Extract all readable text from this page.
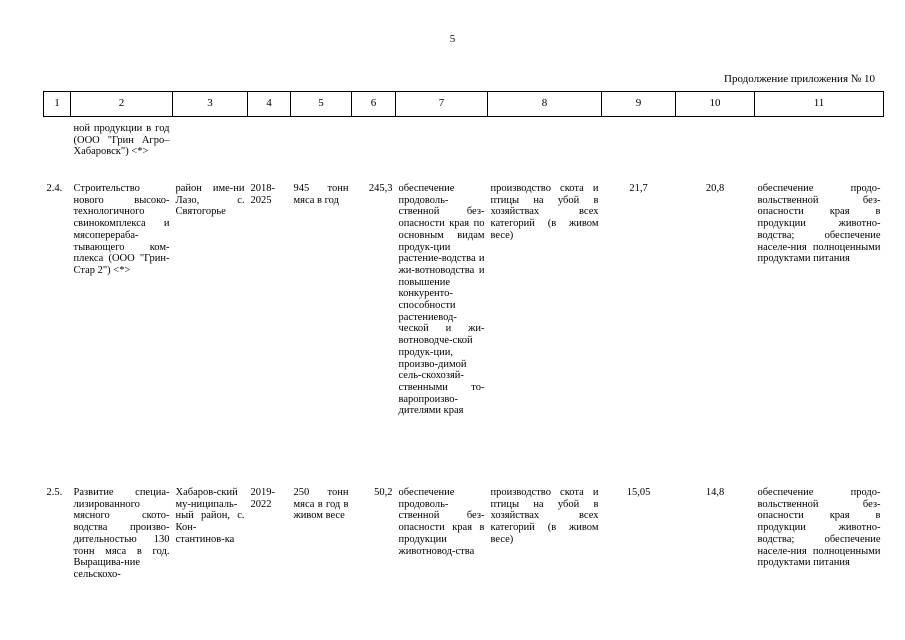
5
Продолжение приложения № 10
1	2	3	4	5	6	7	8	9	10	11
	ной продукции в год (ООО "Грин Агро– Хабаровск") <*>									
2.4.	Строительство нового высоко-технологичного свинокомплекса и мясоперераба-тывающего ком-плекса (ООО "Грин-Стар 2") <*>	район име-ни Лазо, с. Святогорье	2018-2025	945 тонн мяса в год	245,3	обеспечение продоволь-ственной без-опасности края по основным видам продук-ции растение-водства и жи-вотноводства и повышение конкуренто-способности растениевод-ческой и жи-вотноводче-ской продук-ции, произво-димой сель-скохозяй-ственными то-варопроизво-дителями края	производство скота и птицы на убой в хозяйствах всех категорий (в живом весе)	21,7	20,8	обеспечение продо-вольственной без-опасности края в продукции животно-водства; обеспечение населе-ния полноценными продуктами питания
2.5.	Развитие специа-лизированного мясного ското-водства произво-дительностью 130 тонн мяса в год. Выращива-ние сельскохо-	Хабаров-ский му-ниципаль-ный район, с. Кон-стантинов-ка	2019-2022	250 тонн мяса в год в живом весе	50,2	обеспечение продоволь-ственной без-опасности края в продукции животновод-ства	производство скота и птицы на убой в хозяйствах всех категорий (в живом весе)	15,05	14,8	обеспечение продо-вольственной без-опасности края в продукции животно-водства; обеспечение населе-ния полноценными продуктами питания
